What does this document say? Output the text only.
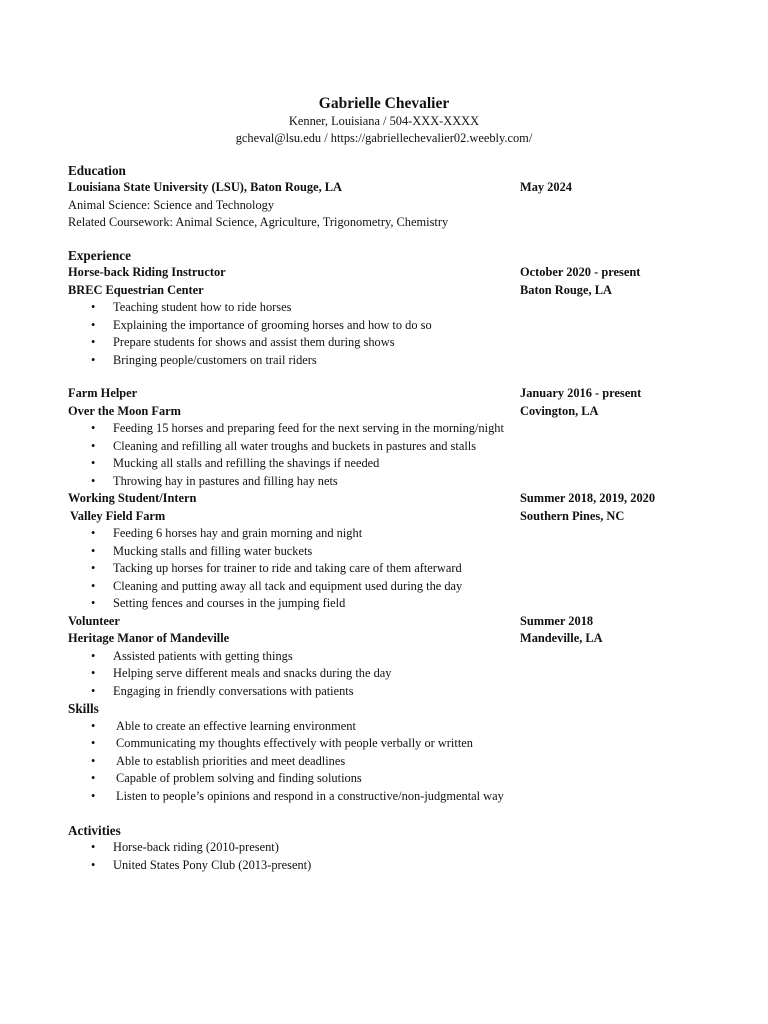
Gabrielle Chevalier
Kenner, Louisiana / 504-XXX-XXXX
gcheval@lsu.edu / https://gabriellechevalier02.weebly.com/
Education
Louisiana State University (LSU), Baton Rouge, LA	May 2024
Animal Science: Science and Technology
Related Coursework: Animal Science, Agriculture, Trigonometry, Chemistry
Experience
Horse-back Riding Instructor	October 2020 - present
BREC Equestrian Center	Baton Rouge, LA
• Teaching student how to ride horses
• Explaining the importance of grooming horses and how to do so
• Prepare students for shows and assist them during shows
• Bringing people/customers on trail riders
Farm Helper	January 2016 - present
Over the Moon Farm	Covington, LA
• Feeding 15 horses and preparing feed for the next serving in the morning/night
• Cleaning and refilling all water troughs and buckets in pastures and stalls
• Mucking all stalls and refilling the shavings if needed
• Throwing hay in pastures and filling hay nets
Working Student/Intern	Summer 2018, 2019, 2020
Valley Field Farm	Southern Pines, NC
• Feeding 6 horses hay and grain morning and night
• Mucking stalls and filling water buckets
• Tacking up horses for trainer to ride and taking care of them afterward
• Cleaning and putting away all tack and equipment used during the day
• Setting fences and courses in the jumping field
Volunteer	Summer 2018
Heritage Manor of Mandeville	Mandeville, LA
• Assisted patients with getting things
• Helping serve different meals and snacks during the day
• Engaging in friendly conversations with patients
Skills
• Able to create an effective learning environment
• Communicating my thoughts effectively with people verbally or written
• Able to establish priorities and meet deadlines
• Capable of problem solving and finding solutions
• Listen to people’s opinions and respond in a constructive/non-judgmental way
Activities
• Horse-back riding (2010-present)
• United States Pony Club (2013-present)
